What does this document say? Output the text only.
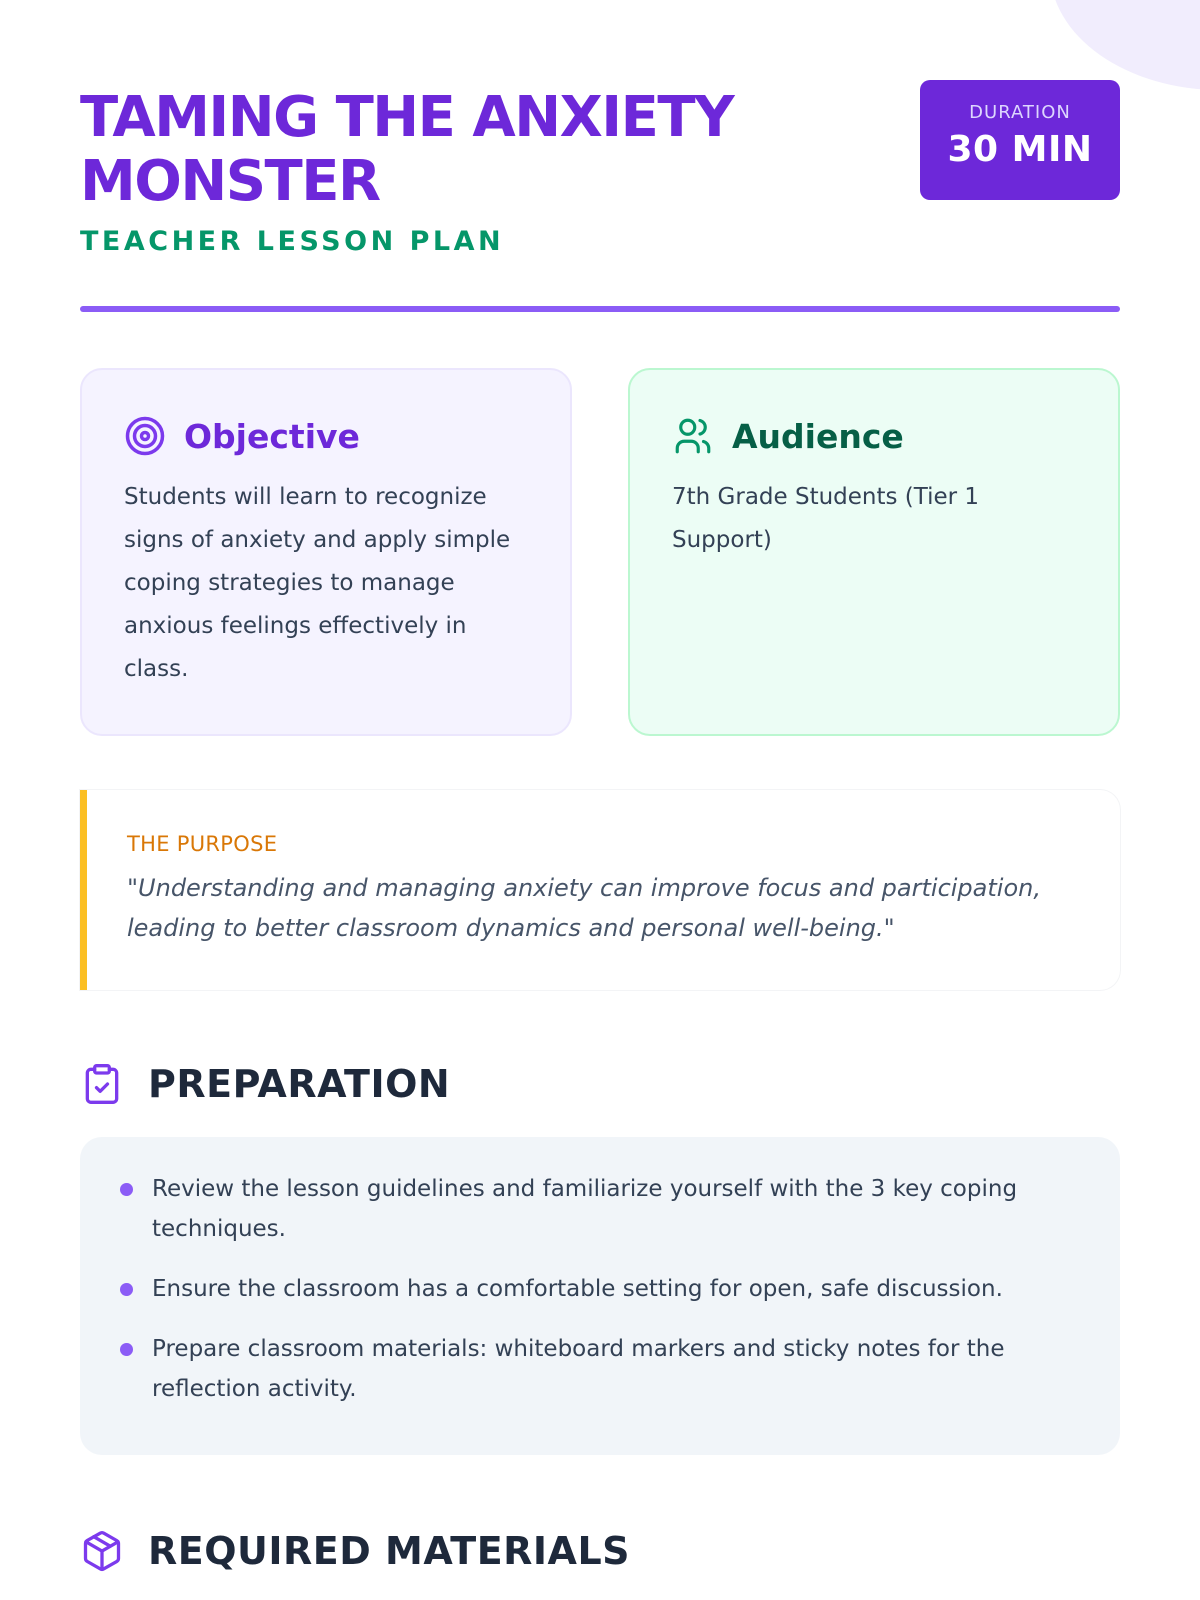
TAMING THE ANXIETY MONSTER
TEACHER LESSON PLAN
DURATION
30 MIN
Objective

Students will learn to recognize signs of anxiety and apply simple coping strategies to manage anxious feelings effectively in class.

Audience

7th Grade Students (Tier 1 Support)

THE PURPOSE

"Understanding and managing anxiety can improve focus and participation, leading to better classroom dynamics and personal well-being."

PREPARATION
Review the lesson guidelines and familiarize yourself with the 3 key coping techniques.
Ensure the classroom has a comfortable setting for open, safe discussion.
Prepare classroom materials: whiteboard markers and sticky notes for the reflection activity.
REQUIRED MATERIALS
